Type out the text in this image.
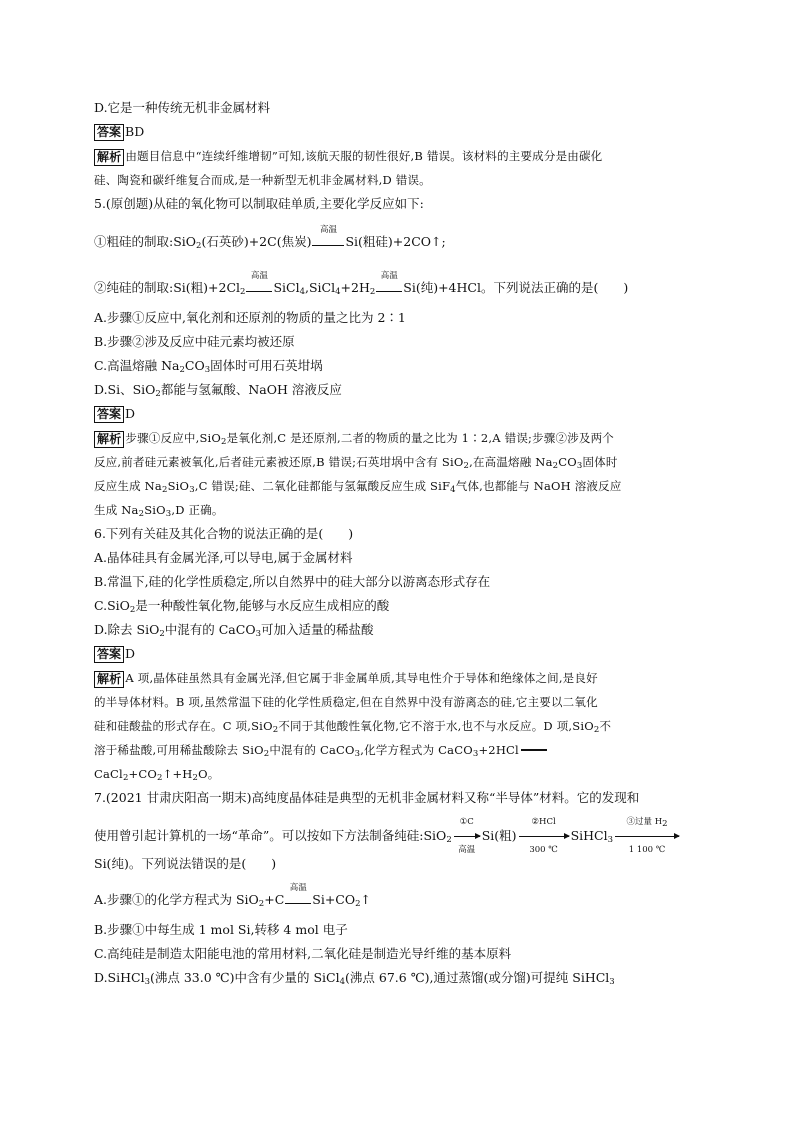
D.它是一种传统无机非金属材料
答案 BD
解析 由题目信息中“连续纤维增韧”可知,该航天服的韧性很好,B 错误。该材料的主要成分是由碳化
硅、陶瓷和碳纤维复合而成,是一种新型无机非金属材料,D 错误。
5.(原创题)从硅的氧化物可以制取硅单质,主要化学反应如下:
①粗硅的制取:SiO$_2$(石英砂)+2C(焦炭)
高温
Si(粗硅)+2CO↑;
②纯硅的制取:Si(粗)$+2Cl_2$
高温
$SiCl_4,SiCl_4+2H_2$
高温
Si(纯)+4HCl。下列说法正确的是(　　)
A.步骤①反应中,氧化剂和还原剂的物质的量之比为 2∶1
B.步骤②涉及反应中硅元素均被还原
C.高温熔融 $Na_2CO_3$固体时可用石英坩埚
D.Si、SiO$_2$都能与氢氟酸、NaOH 溶液反应
答案 D
解析 步骤①反应中,SiO$_2$是氧化剂,C 是还原剂,二者的物质的量之比为 1∶2,A 错误;步骤②涉及两个
反应,前者硅元素被氧化,后者硅元素被还原,B 错误;石英坩埚中含有 SiO$_2$,在高温熔融 $Na_2CO_3$固体时
反应生成 $Na_2SiO_3,C$ 错误;硅、二氧化硅都能与氢氟酸反应生成 SiF$_4$气体,也都能与 NaOH 溶液反应
生成 $Na_2SiO_3,D$ 正确。
6.下列有关硅及其化合物的说法正确的是(　　)
A.晶体硅具有金属光泽,可以导电,属于金属材料
B.常温下,硅的化学性质稳定,所以自然界中的硅大部分以游离态形式存在
C.SiO$_2$是一种酸性氧化物,能够与水反应生成相应的酸
D.除去 SiO$_2$中混有的 CaCO$_3$可加入适量的稀盐酸
答案 D
解析 A 项,晶体硅虽然具有金属光泽,但它属于非金属单质,其导电性介于导体和绝缘体之间,是良好
的半导体材料。B 项,虽然常温下硅的化学性质稳定,但在自然界中没有游离态的硅,它主要以二氧化
硅和硅酸盐的形式存在。C 项,SiO$_2$不同于其他酸性氧化物,它不溶于水,也不与水反应。D 项,SiO$_2$不
溶于稀盐酸,可用稀盐酸除去 SiO$_2$中混有的 CaCO$_3$,化学方程式为 CaCO$_3$+2HCl
$CaCl_2+CO_2↑+H_2O$。
7.(2021 甘肃庆阳高一期末)高纯度晶体硅是典型的无机非金属材料又称“半导体”材料。它的发现和
使用曾引起计算机的一场“革命”。可以按如下方法制备纯硅:SiO$_2$
①C
高温
Si(粗)
②HCl
300 ℃
SiHCl$_3$
③过量 $H_2$
1 100 ℃
Si(纯)。下列说法错误的是(　　)
A.步骤①的化学方程式为 SiO$_2$+C
高温
$Si+CO_2↑$
B.步骤①中每生成 1 mol Si,转移 4 mol 电子
C.高纯硅是制造太阳能电池的常用材料,二氧化硅是制造光导纤维的基本原料
D.SiHCl$_3$(沸点 33.0 ℃)中含有少量的 SiCl$_4$(沸点 67.6 ℃),通过蒸馏(或分馏)可提纯 SiHCl$_3$
